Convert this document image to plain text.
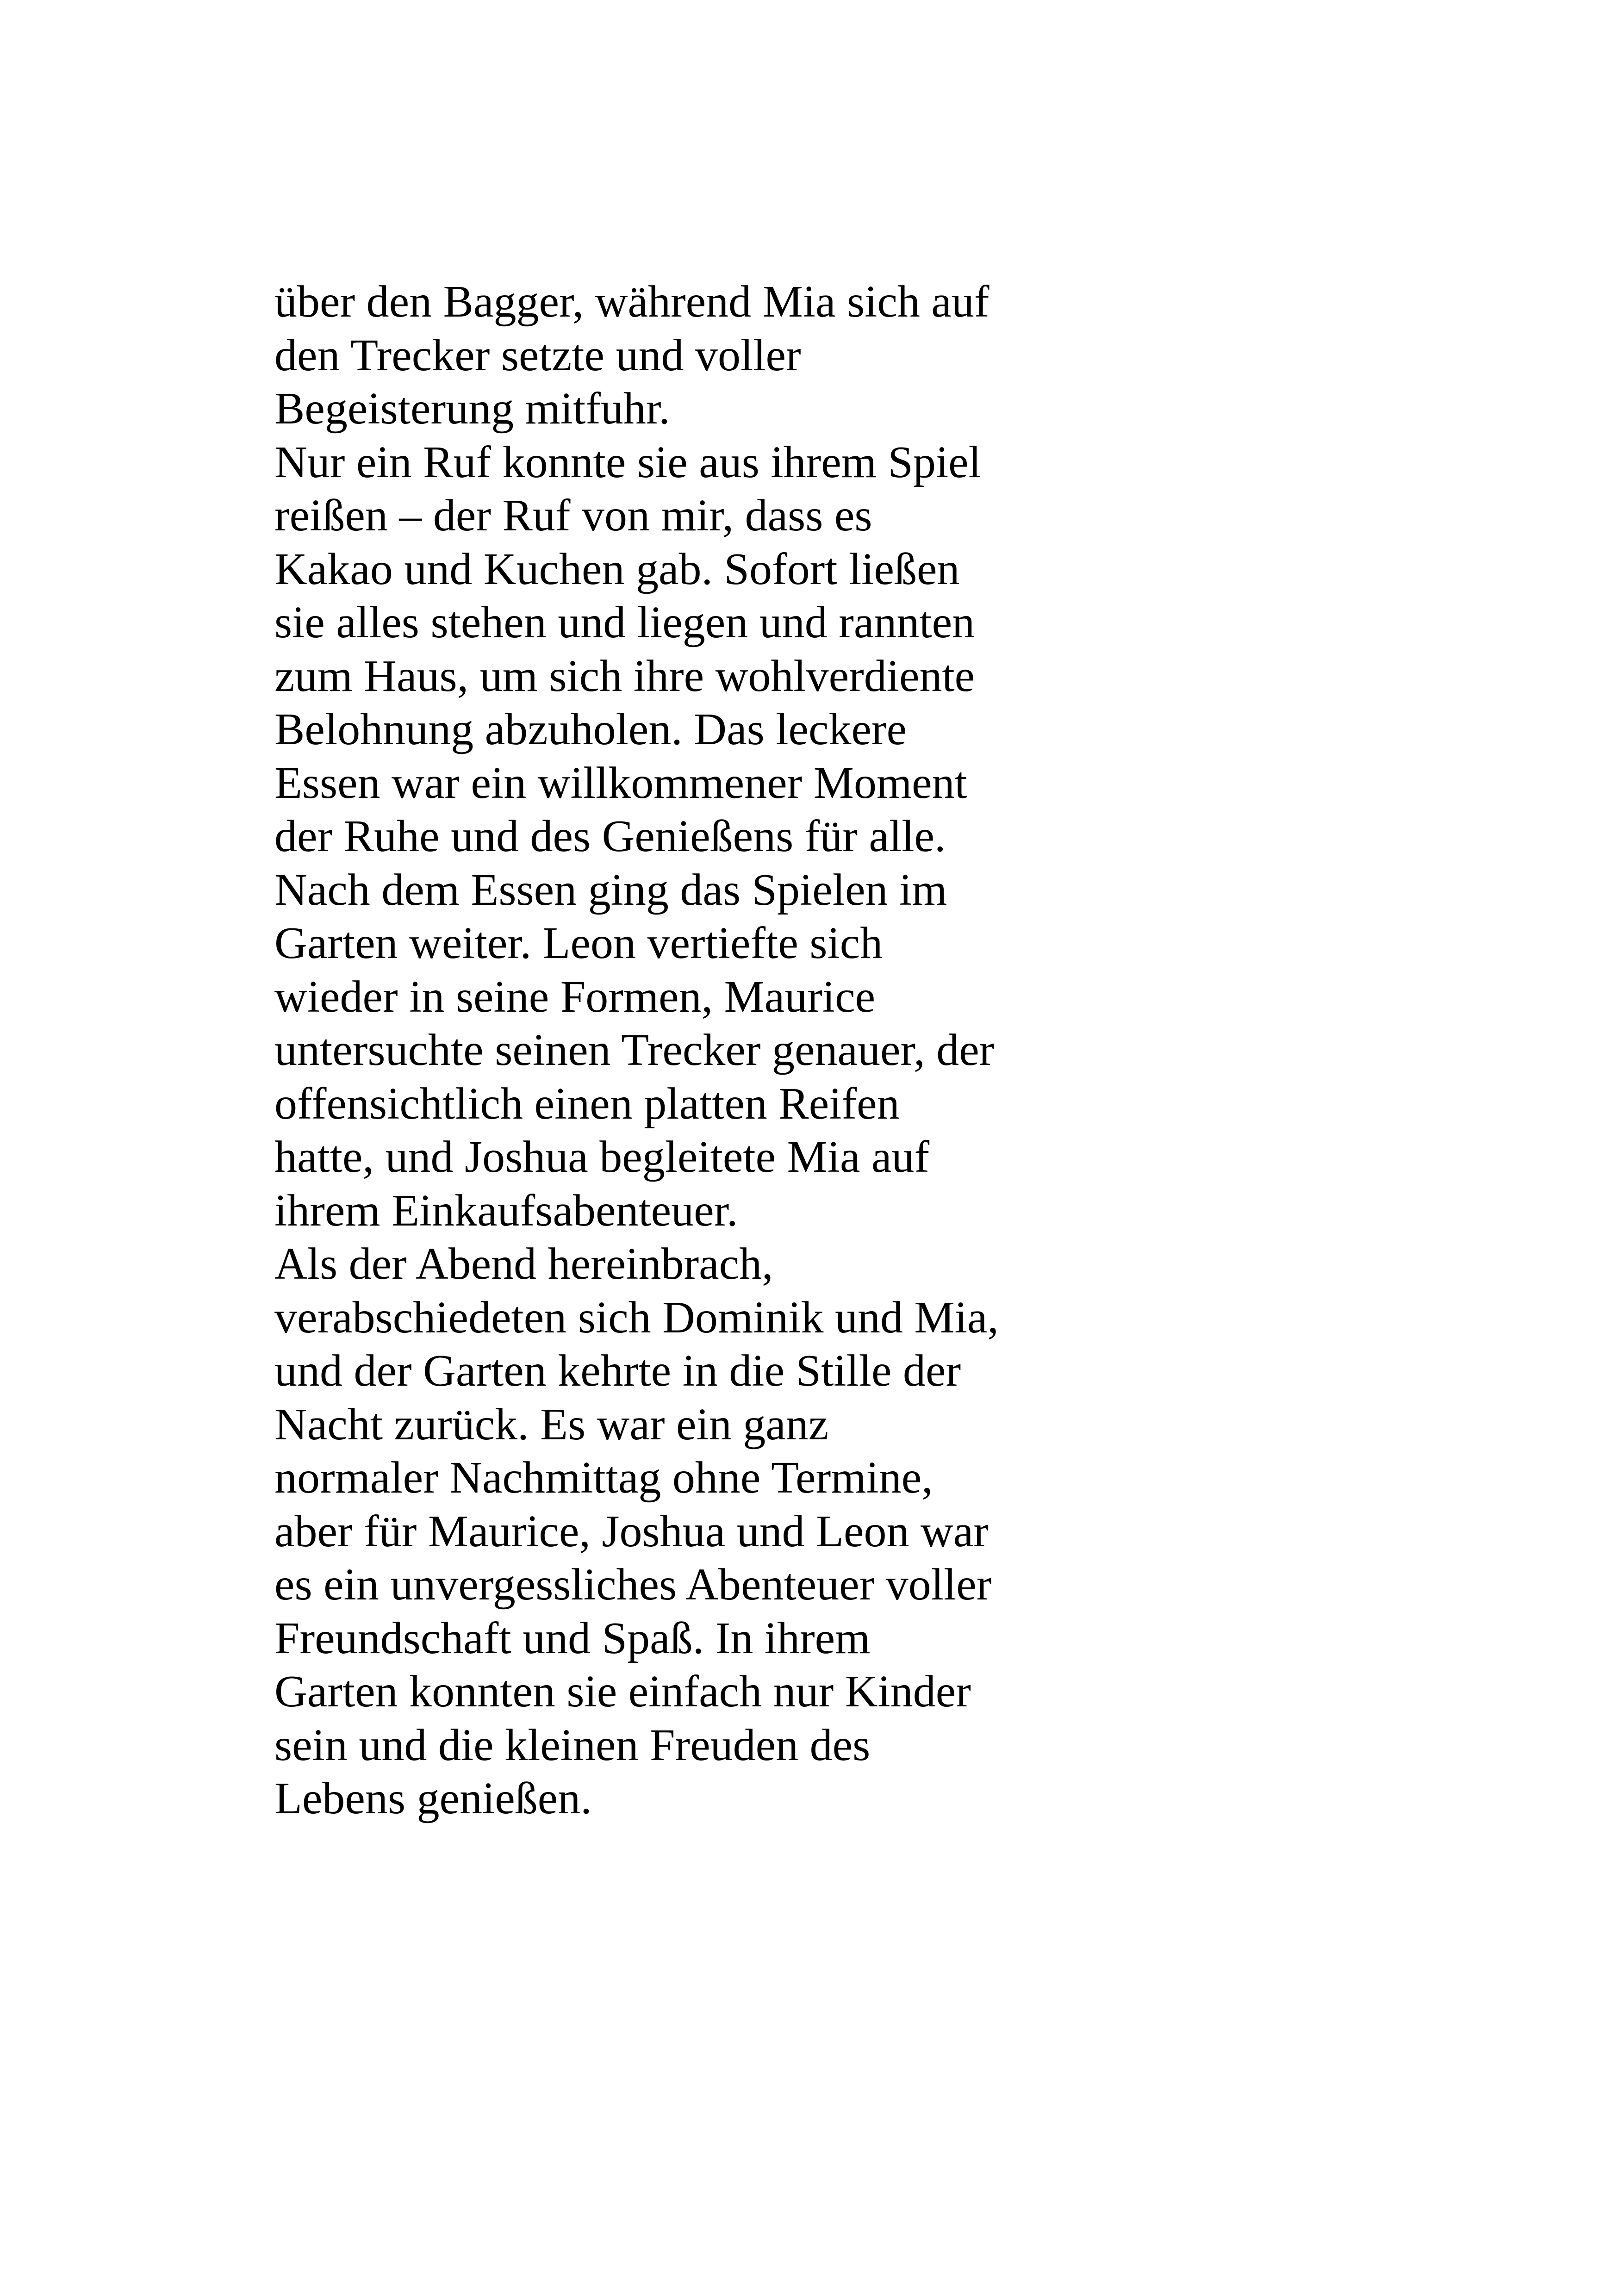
über den Bagger, während Mia sich auf
den Trecker setzte und voller
Begeisterung mitfuhr.
Nur ein Ruf konnte sie aus ihrem Spiel
reißen – der Ruf von mir, dass es
Kakao und Kuchen gab. Sofort ließen
sie alles stehen und liegen und rannten
zum Haus, um sich ihre wohlverdiente
Belohnung abzuholen. Das leckere
Essen war ein willkommener Moment
der Ruhe und des Genießens für alle.
Nach dem Essen ging das Spielen im
Garten weiter. Leon vertiefte sich
wieder in seine Formen, Maurice
untersuchte seinen Trecker genauer, der
offensichtlich einen platten Reifen
hatte, und Joshua begleitete Mia auf
ihrem Einkaufsabenteuer.
Als der Abend hereinbrach,
verabschiedeten sich Dominik und Mia,
und der Garten kehrte in die Stille der
Nacht zurück. Es war ein ganz
normaler Nachmittag ohne Termine,
aber für Maurice, Joshua und Leon war
es ein unvergessliches Abenteuer voller
Freundschaft und Spaß. In ihrem
Garten konnten sie einfach nur Kinder
sein und die kleinen Freuden des
Lebens genießen.
